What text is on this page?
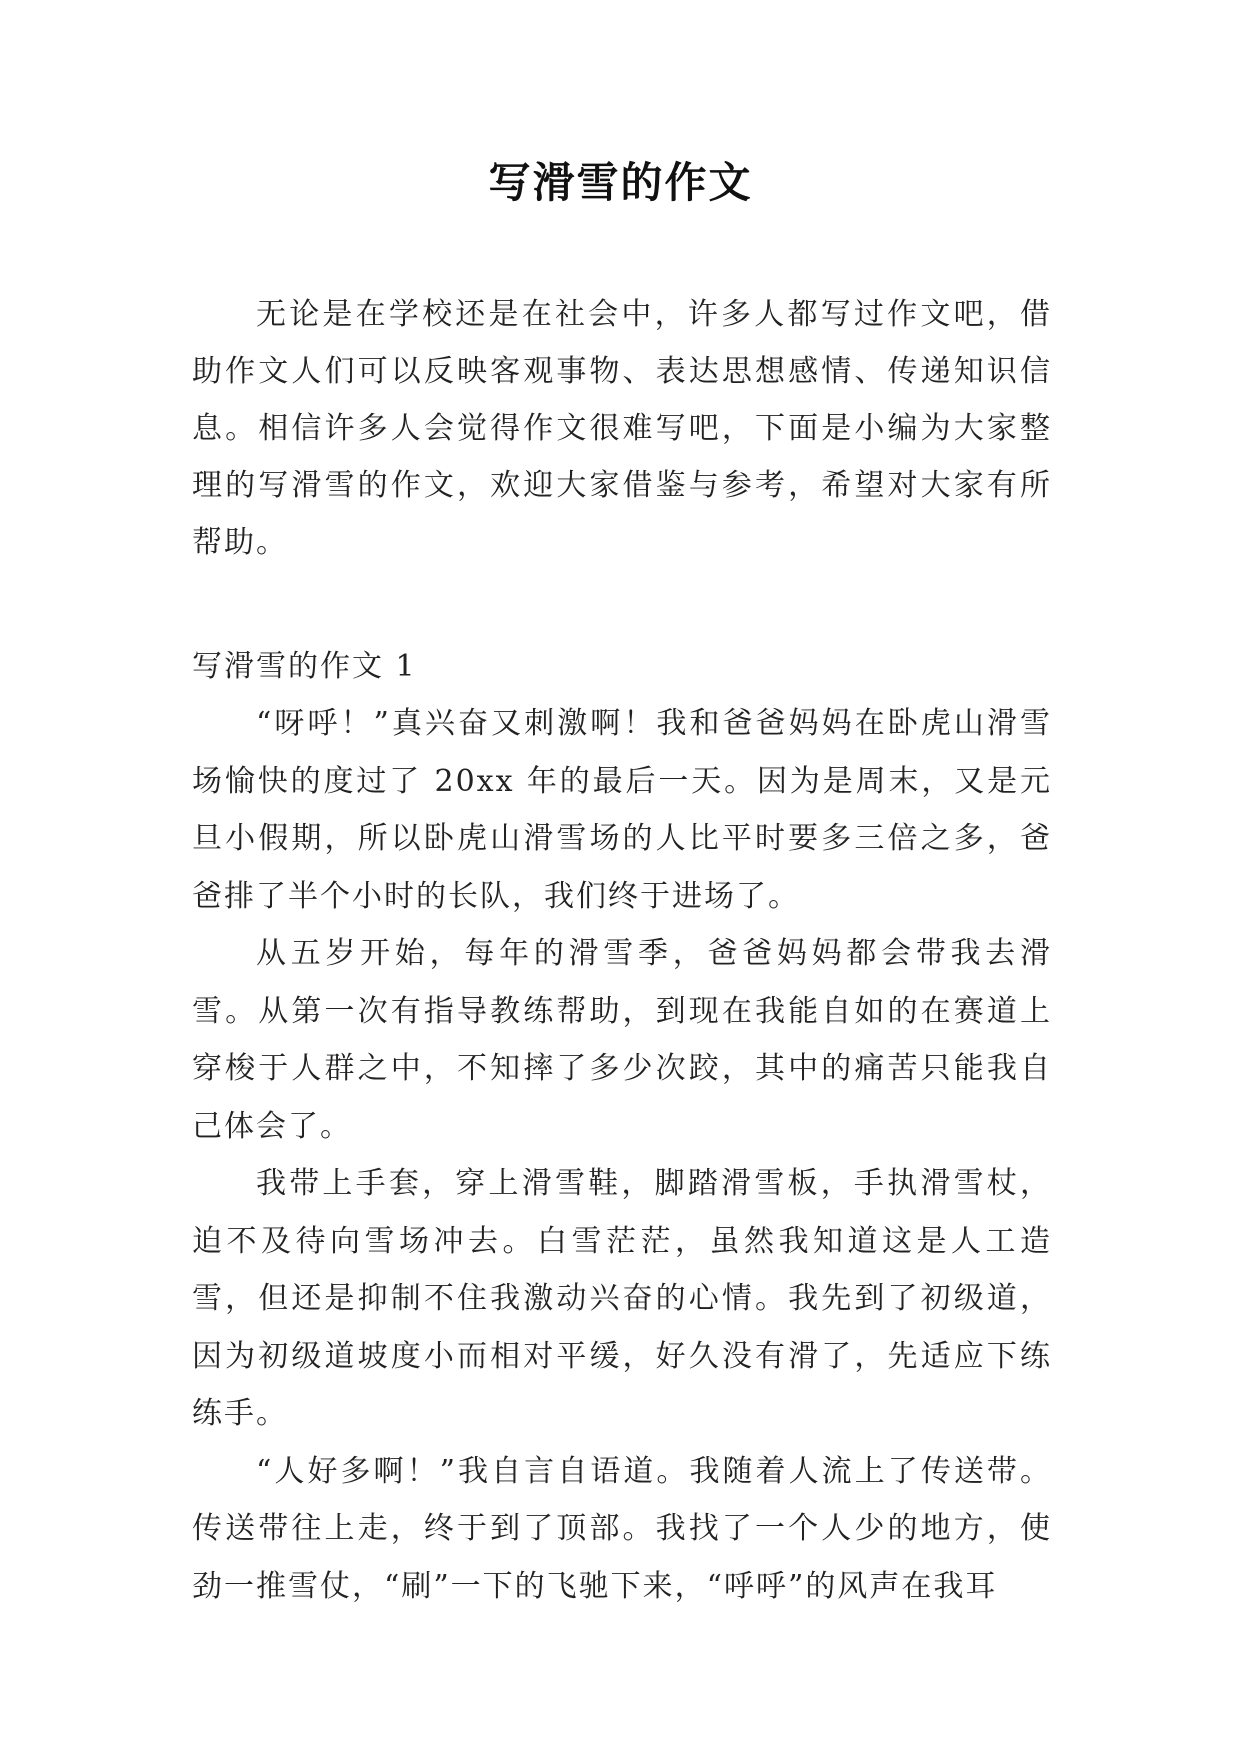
写滑雪的作文

无论是在学校还是在社会中，许多人都写过作文吧，借助作文人们可以反映客观事物、表达思想感情、传递知识信息。相信许多人会觉得作文很难写吧，下面是小编为大家整理的写滑雪的作文，欢迎大家借鉴与参考，希望对大家有所帮助。

写滑雪的作文 1

“呀呼！”真兴奋又刺激啊！我和爸爸妈妈在卧虎山滑雪场愉快的度过了 20xx 年的最后一天。因为是周末，又是元旦小假期，所以卧虎山滑雪场的人比平时要多三倍之多，爸爸排了半个小时的长队，我们终于进场了。

从五岁开始，每年的滑雪季，爸爸妈妈都会带我去滑雪。从第一次有指导教练帮助，到现在我能自如的在赛道上穿梭于人群之中，不知摔了多少次跤，其中的痛苦只能我自己体会了。

我带上手套，穿上滑雪鞋，脚踏滑雪板，手执滑雪杖，迫不及待向雪场冲去。白雪茫茫，虽然我知道这是人工造雪，但还是抑制不住我激动兴奋的心情。我先到了初级道，因为初级道坡度小而相对平缓，好久没有滑了，先适应下练练手。

“人好多啊！”我自言自语道。我随着人流上了传送带。传送带往上走，终于到了顶部。我找了一个人少的地方，使劲一推雪仗，“刷”一下的飞驰下来，“呼呼”的风声在我耳
